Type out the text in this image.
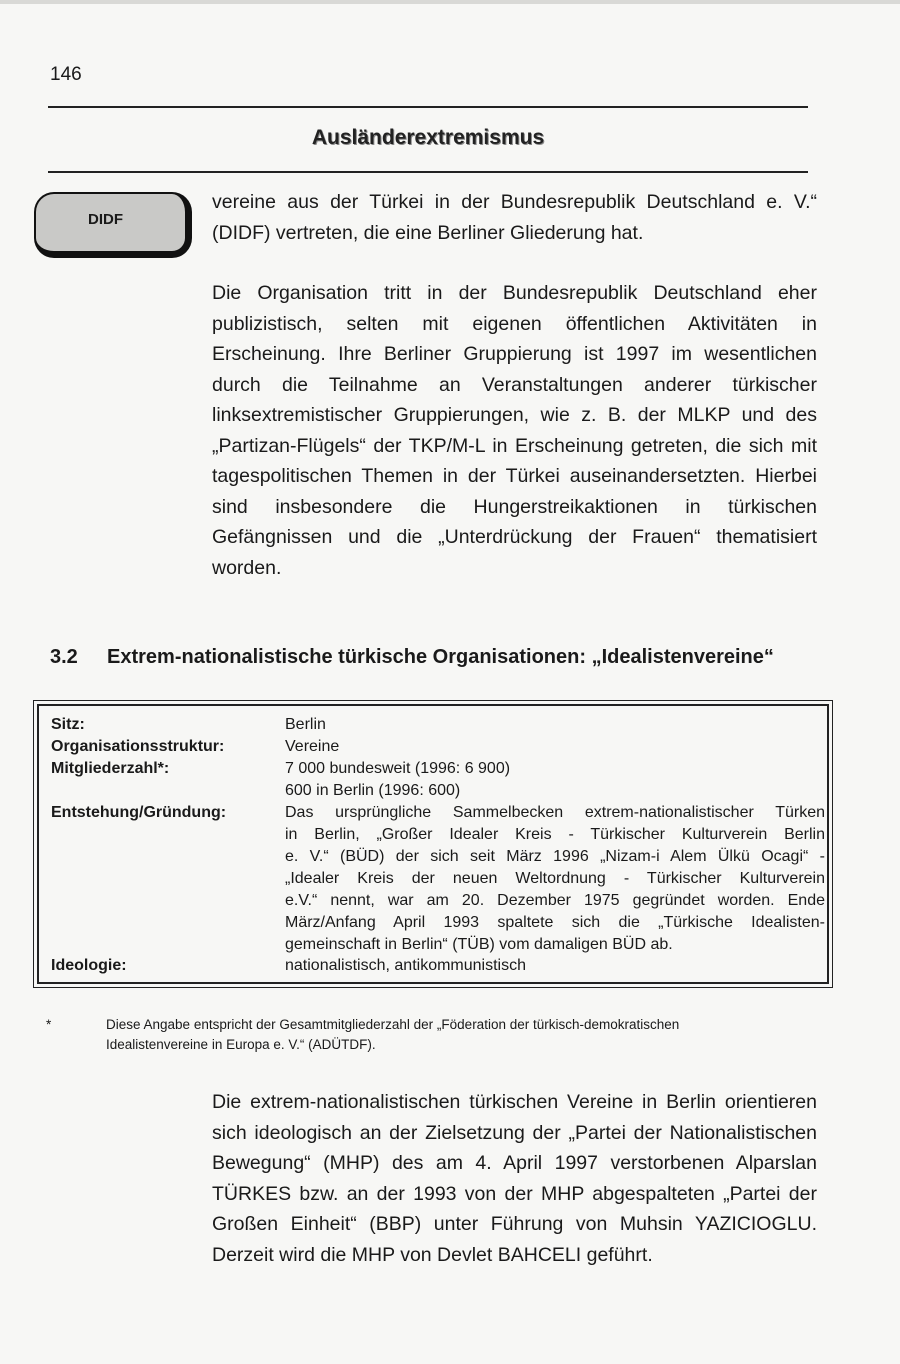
146
Ausländerextremismus
DIDF
vereine aus der Türkei in der Bundesrepublik Deutschland e. V.“ (DIDF) vertreten, die eine Berliner Gliederung hat.
Die Organisation tritt in der Bundesrepublik Deutschland eher publizistisch, selten mit eigenen öffentlichen Aktivitäten in Erscheinung. Ihre Berliner Gruppierung ist 1997 im wesentlichen durch die Teilnahme an Veranstaltungen anderer türkischer linksextremistischer Gruppierungen, wie z. B. der MLKP und des „Partizan-Flügels“ der TKP/M-L in Erscheinung getreten, die sich mit tagespolitischen Themen in der Türkei auseinandersetzten. Hierbei sind insbesondere die Hungerstreikaktionen in türkischen Gefängnissen und die „Unterdrückung der Frauen“ thematisiert worden.
3.2 Extrem-nationalistische türkische Organisationen: „Idealistenvereine“
Sitz:	Berlin
Organisationsstruktur:	Vereine
Mitgliederzahl*:	7 000 bundesweit (1996: 6 900)
600 in Berlin (1996: 600)
Entstehung/Gründung:	Das ursprüngliche Sammelbecken extrem-nationalistischer Türken
in Berlin, „Großer Idealer Kreis - Türkischer Kulturverein Berlin
e. V.“ (BÜD) der sich seit März 1996 „Nizam-i Alem Ülkü Ocagi“ -
„Idealer Kreis der neuen Weltordnung - Türkischer Kulturverein
e.V.“ nennt, war am 20. Dezember 1975 gegründet worden. Ende
März/Anfang April 1993 spaltete sich die „Türkische Idealisten-
gemeinschaft in Berlin“ (TÜB) vom damaligen BÜD ab.
Ideologie:	nationalistisch, antikommunistisch
*	Diese Angabe entspricht der Gesamtmitgliederzahl der „Föderation der türkisch-demokratischen
Idealistenvereine in Europa e. V.“ (ADÜTDF).
Die extrem-nationalistischen türkischen Vereine in Berlin orientieren sich ideologisch an der Zielsetzung der „Partei der Nationalistischen Bewegung“ (MHP) des am 4. April 1997 verstorbenen Alparslan TÜRKES bzw. an der 1993 von der MHP abgespalteten „Partei der Großen Einheit“ (BBP) unter Führung von Muhsin YAZICIOGLU. Derzeit wird die MHP von Devlet BAHCELI geführt.
